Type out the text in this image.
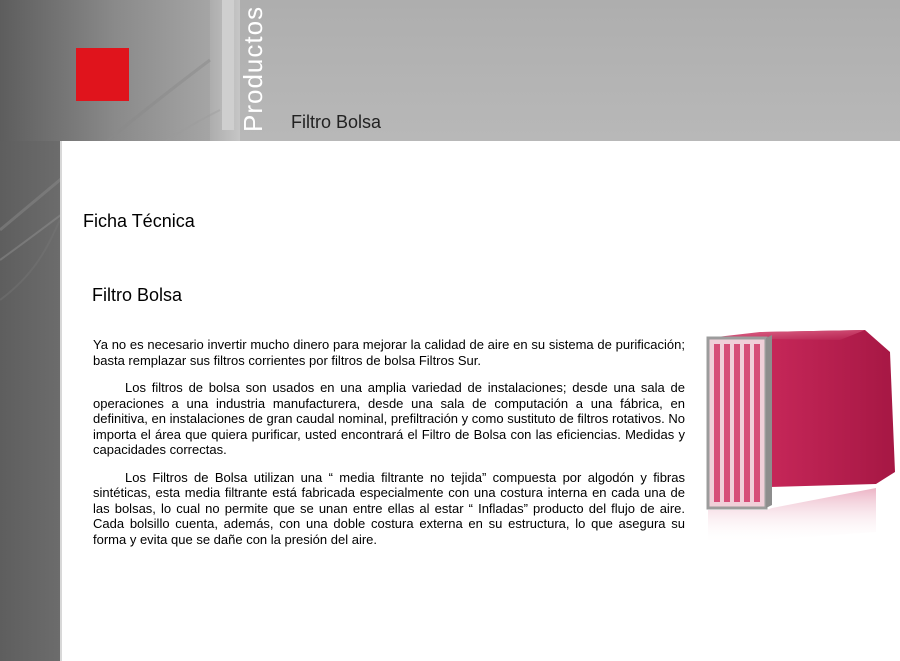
Productos Filtro Bolsa
Ficha Técnica
Filtro Bolsa

Ya no es necesario invertir mucho dinero para mejorar la calidad de aire en su sistema de purificación; basta remplazar sus filtros corrientes por filtros de bolsa Filtros Sur.

Los filtros de bolsa son usados en una amplia variedad de instalaciones; desde una sala de operaciones a una industria manufacturera, desde una sala de computación a una fábrica, en definitiva, en instalaciones de gran caudal nominal, prefiltración y como sustituto de filtros rotativos. No importa el área que quiera purificar, usted encontrará el Filtro de Bolsa con las eficiencias. Medidas y capacidades correctas.

Los Filtros de Bolsa utilizan una “ media filtrante no tejida” compuesta por algodón y fibras sintéticas, esta media filtrante está fabricada especialmente con una costura interna en cada una de las bolsas, lo cual no permite que se unan entre ellas al estar “ Infladas” producto del flujo de aire. Cada bolsillo cuenta, además, con una doble costura externa en su estructura, lo que asegura su forma y evita que se dañe con la presión del aire.
